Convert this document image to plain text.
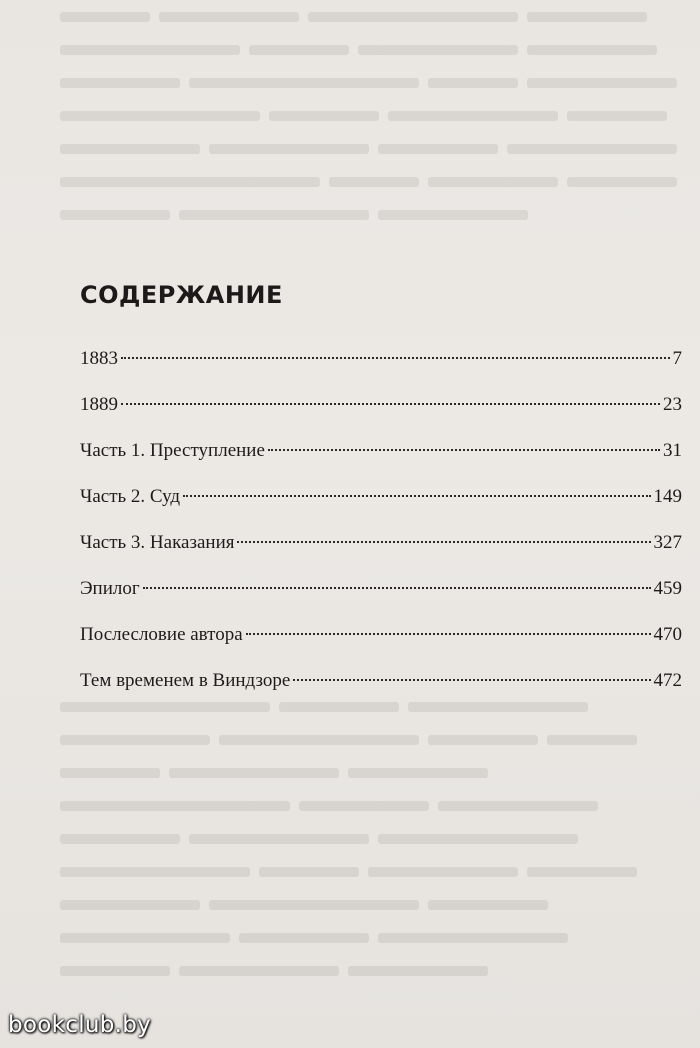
СОДЕРЖАНИЕ
1883	7
1889	23
Часть 1. Преступление	31
Часть 2. Суд	149
Часть 3. Наказания	327
Эпилог	459
Послесловие автора	470
Тем временем в Виндзоре	472
bookclub.by
